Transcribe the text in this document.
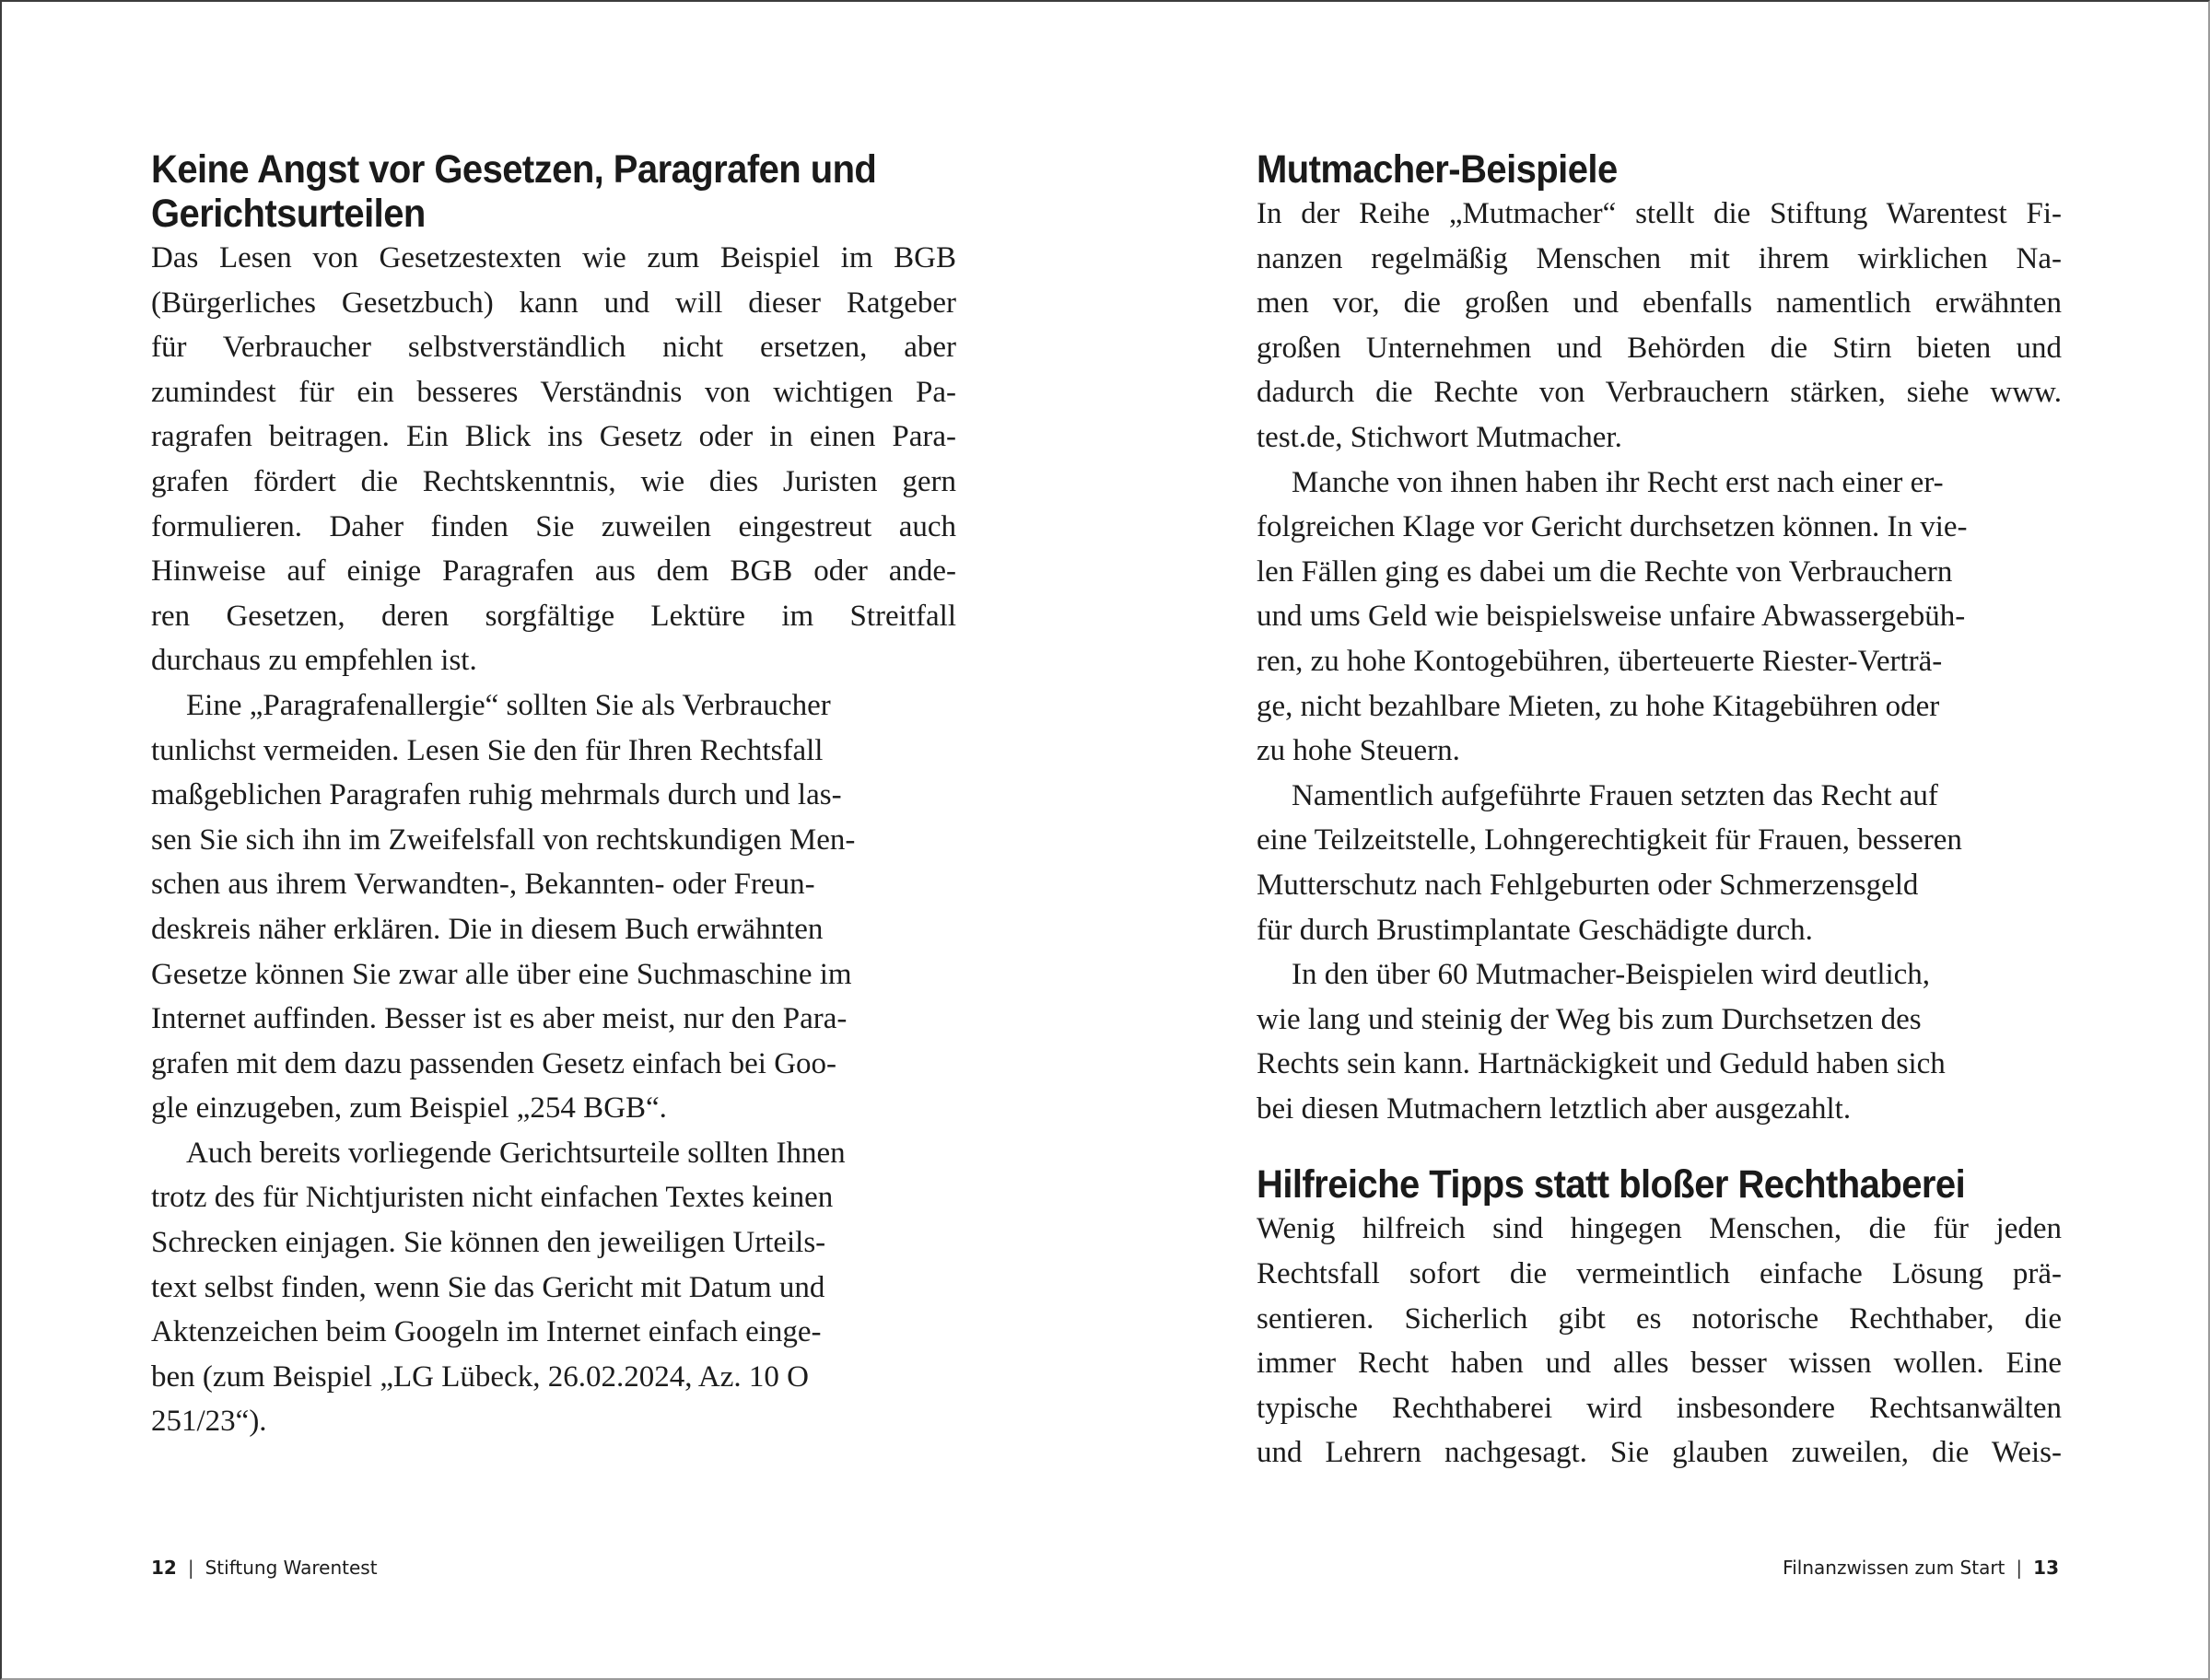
Keine Angst vor Gesetzen, Paragrafen und
Gerichtsurteilen

Das Lesen von Gesetzestexten wie zum Beispiel im BGB
(Bürgerliches Gesetzbuch) kann und will dieser Ratgeber
für Verbraucher selbstverständlich nicht ersetzen, aber
zumindest für ein besseres Verständnis von wichtigen Pa-
ragrafen beitragen. Ein Blick ins Gesetz oder in einen Para-
grafen fördert die Rechtskenntnis, wie dies Juristen gern
formulieren. Daher finden Sie zuweilen eingestreut auch
Hinweise auf einige Paragrafen aus dem BGB oder ande-
ren Gesetzen, deren sorgfältige Lektüre im Streitfall
durchaus zu empfehlen ist.

Eine „Paragrafenallergie“ sollten Sie als Verbraucher
tunlichst vermeiden. Lesen Sie den für Ihren Rechtsfall
maßgeblichen Paragrafen ruhig mehrmals durch und las-
sen Sie sich ihn im Zweifelsfall von rechtskundigen Men-
schen aus ihrem Verwandten-, Bekannten- oder Freun-
deskreis näher erklären. Die in diesem Buch erwähnten
Gesetze können Sie zwar alle über eine Suchmaschine im
Internet auffinden. Besser ist es aber meist, nur den Para-
grafen mit dem dazu passenden Gesetz einfach bei Goo-
gle einzugeben, zum Beispiel „254 BGB“.

Auch bereits vorliegende Gerichtsurteile sollten Ihnen
trotz des für Nichtjuristen nicht einfachen Textes keinen
Schrecken einjagen. Sie können den jeweiligen Urteils-
text selbst finden, wenn Sie das Gericht mit Datum und
Aktenzeichen beim Googeln im Internet einfach einge-
ben (zum Beispiel „LG Lübeck, 26.02.2024, Az. 10 O
251/23“).

12 | Stiftung Warentest
Mutmacher-Beispiele

In der Reihe „Mutmacher“ stellt die Stiftung Warentest Fi-
nanzen regelmäßig Menschen mit ihrem wirklichen Na-
men vor, die großen und ebenfalls namentlich erwähnten
großen Unternehmen und Behörden die Stirn bieten und
dadurch die Rechte von Verbrauchern stärken, siehe www.
test.de, Stichwort Mutmacher.

Manche von ihnen haben ihr Recht erst nach einer er-
folgreichen Klage vor Gericht durchsetzen können. In vie-
len Fällen ging es dabei um die Rechte von Verbrauchern
und ums Geld wie beispielsweise unfaire Abwassergebüh-
ren, zu hohe Kontogebühren, überteuerte Riester-Verträ-
ge, nicht bezahlbare Mieten, zu hohe Kitagebühren oder
zu hohe Steuern.

Namentlich aufgeführte Frauen setzten das Recht auf
eine Teilzeitstelle, Lohngerechtigkeit für Frauen, besseren
Mutterschutz nach Fehlgeburten oder Schmerzensgeld
für durch Brustimplantate Geschädigte durch.

In den über 60 Mutmacher-Beispielen wird deutlich,
wie lang und steinig der Weg bis zum Durchsetzen des
Rechts sein kann. Hartnäckigkeit und Geduld haben sich
bei diesen Mutmachern letztlich aber ausgezahlt.

Hilfreiche Tipps statt bloßer Rechthaberei

Wenig hilfreich sind hingegen Menschen, die für jeden
Rechtsfall sofort die vermeintlich einfache Lösung prä-
sentieren. Sicherlich gibt es notorische Rechthaber, die
immer Recht haben und alles besser wissen wollen. Eine
typische Rechthaberei wird insbesondere Rechtsanwälten
und Lehrern nachgesagt. Sie glauben zuweilen, die Weis-

Filnanzwissen zum Start | 13
